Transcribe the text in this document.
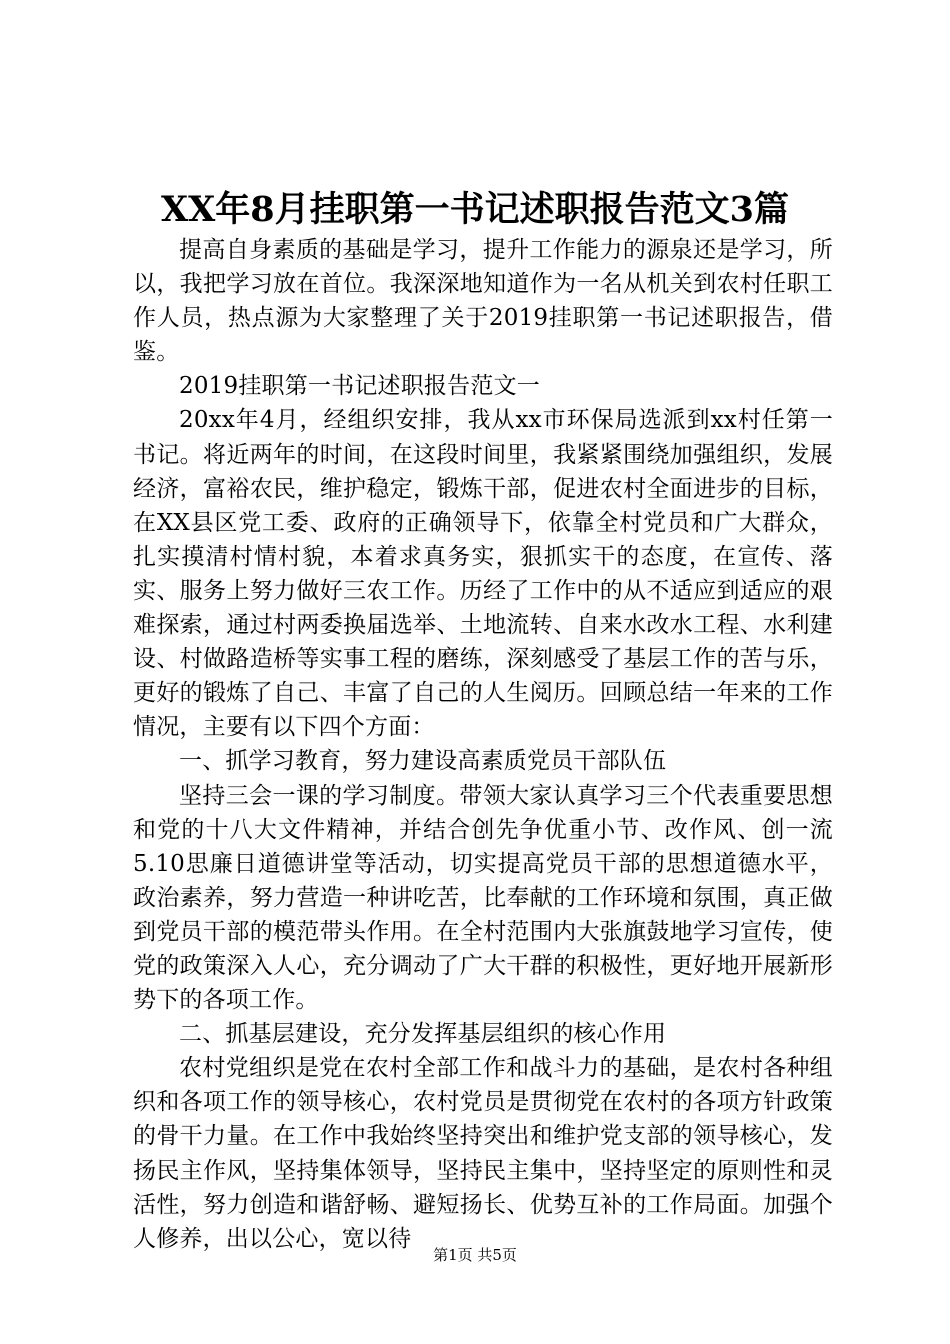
XX年8月挂职第一书记述职报告范文3篇

提高自身素质的基础是学习，提升工作能力的源泉还是学习，所以，我把学习放在首位。我深深地知道作为一名从机关到农村任职工作人员，热点源为大家整理了关于2019挂职第一书记述职报告，借鉴。

2019挂职第一书记述职报告范文一

20xx年4月，经组织安排，我从xx市环保局选派到xx村任第一书记。将近两年的时间，在这段时间里，我紧紧围绕加强组织，发展经济，富裕农民，维护稳定，锻炼干部，促进农村全面进步的目标，在XX县区党工委、政府的正确领导下，依靠全村党员和广大群众，扎实摸清村情村貌，本着求真务实，狠抓实干的态度，在宣传、落实、服务上努力做好三农工作。历经了工作中的从不适应到适应的艰难探索，通过村两委换届选举、土地流转、自来水改水工程、水利建设、村做路造桥等实事工程的磨练，深刻感受了基层工作的苦与乐，更好的锻炼了自己、丰富了自己的人生阅历。回顾总结一年来的工作情况，主要有以下四个方面：

一、抓学习教育，努力建设高素质党员干部队伍

坚持三会一课的学习制度。带领大家认真学习三个代表重要思想和党的十八大文件精神，并结合创先争优重小节、改作风、创一流5.10思廉日道德讲堂等活动，切实提高党员干部的思想道德水平，政治素养，努力营造一种讲吃苦，比奉献的工作环境和氛围，真正做到党员干部的模范带头作用。在全村范围内大张旗鼓地学习宣传，使党的政策深入人心，充分调动了广大干群的积极性，更好地开展新形势下的各项工作。

二、抓基层建设，充分发挥基层组织的核心作用

农村党组织是党在农村全部工作和战斗力的基础，是农村各种组织和各项工作的领导核心，农村党员是贯彻党在农村的各项方针政策的骨干力量。在工作中我始终坚持突出和维护党支部的领导核心，发扬民主作风，坚持集体领导，坚持民主集中，坚持坚定的原则性和灵活性，努力创造和谐舒畅、避短扬长、优势互补的工作局面。加强个人修养，出以公心，宽以待

第1页 共5页
